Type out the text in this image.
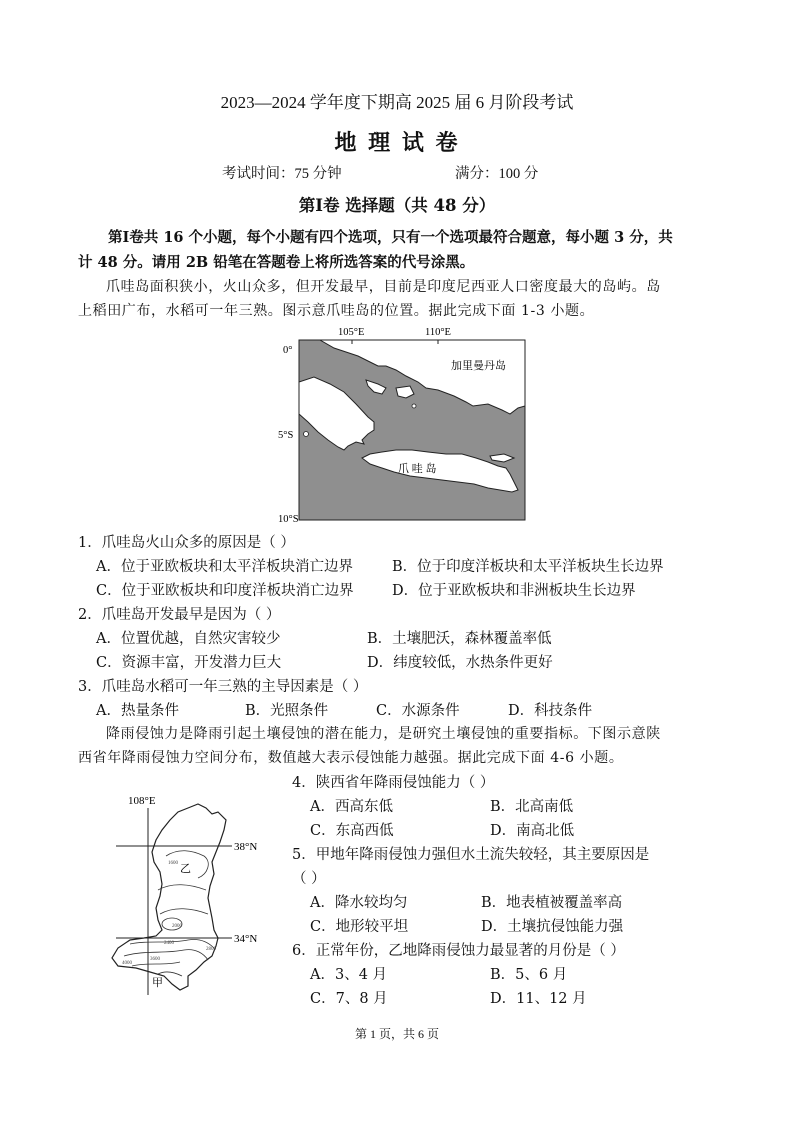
2023—2024 学年度下期高 2025 届 6 月阶段考试
地 理 试 卷
考试时间：75 分钟	满分：100 分
第Ⅰ卷 选择题（共 48 分）
第Ⅰ卷共 16 个小题，每个小题有四个选项，只有一个选项最符合题意，每小题 3 分，共
计 48 分。请用 2B 铅笔在答题卷上将所选答案的代号涂黑。
爪哇岛面积狭小，火山众多，但开发最早，目前是印度尼西亚人口密度最大的岛屿。岛
上稻田广布，水稻可一年三熟。图示意爪哇岛的位置。据此完成下面 1-3 小题。
105°E	110°E
0°
5°S
10°S
加里曼丹岛
爪 哇 岛
1．爪哇岛火山众多的原因是（ ）
A．位于亚欧板块和太平洋板块消亡边界	B．位于印度洋板块和太平洋板块生长边界
C．位于亚欧板块和印度洋板块消亡边界	D．位于亚欧板块和非洲板块生长边界
2．爪哇岛开发最早是因为（ ）
A．位置优越，自然灾害较少	B．土壤肥沃，森林覆盖率低
C．资源丰富，开发潜力巨大	D．纬度较低，水热条件更好
3．爪哇岛水稻可一年三熟的主导因素是（ ）
A．热量条件	B．光照条件	C．水源条件	D．科技条件
降雨侵蚀力是降雨引起土壤侵蚀的潜在能力，是研究土壤侵蚀的重要指标。下图示意陕
西省年降雨侵蚀力空间分布，数值越大表示侵蚀能力越强。据此完成下面 4-6 小题。
108°E
38°N
34°N
乙
甲
1600
2000
2400
2800
3600
4000
4．陕西省年降雨侵蚀能力（ ）
A．西高东低	B．北高南低
C．东高西低	D．南高北低
5．甲地年降雨侵蚀力强但水土流失较轻，其主要原因是
（ ）
A．降水较均匀	B．地表植被覆盖率高
C．地形较平坦	D．土壤抗侵蚀能力强
6．正常年份，乙地降雨侵蚀力最显著的月份是（ ）
A．3、4 月	B．5、6 月
C．7、8 月	D．11、12 月
第 1 页，共 6 页
